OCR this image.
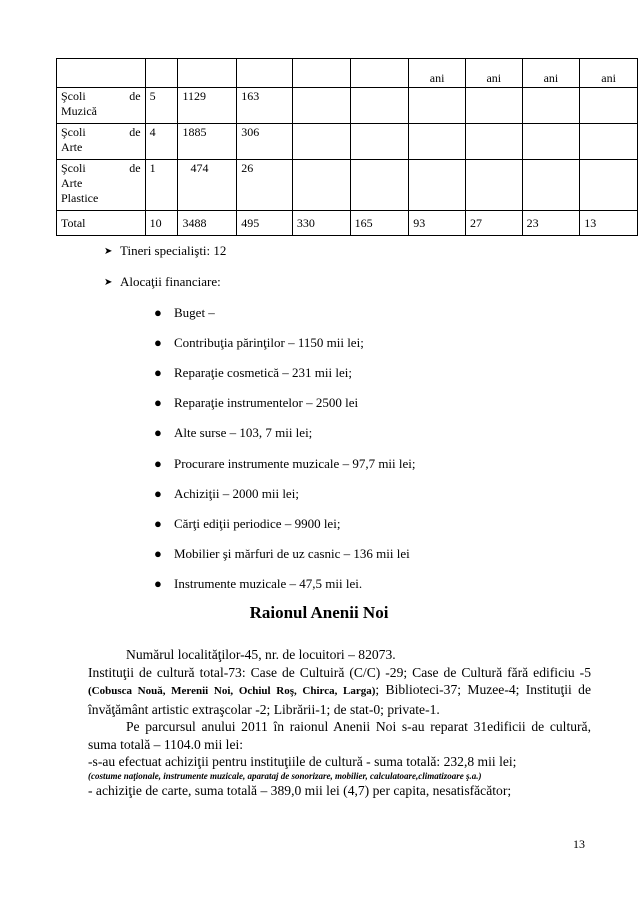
						ani	ani	ani	ani

Şcoli de
Muzică	5	1129	163						

Şcoli de
Arte	4	1885	306						

Şcoli de
Arte
Plastice	1	474	26						
Total	10	3488	495	330	165	93	27	23	13
➤ Tineri specialişti: 12
➤ Alocaţii financiare:
● Buget –
● Contribuţia părinţilor – 1150 mii lei;
● Reparaţie cosmetică – 231 mii lei;
● Reparaţie instrumentelor – 2500 lei
● Alte surse – 103, 7 mii lei;
● Procurare instrumente muzicale – 97,7 mii lei;
● Achiziţii – 2000 mii lei;
● Cărţi ediţii periodice – 9900 lei;
● Mobilier şi mărfuri de uz casnic – 136 mii lei
● Instrumente muzicale – 47,5 mii lei.
Raionul Anenii Noi

Numărul localităţilor-45, nr. de locuitori – 82073.

Instituţii de cultură total-73: Case de Cultuiră (C/C) -29; Case de Cultură fără edificiu -5 (Cobusca Nouă, Merenii Noi, Ochiul Roş, Chirca, Larga); Biblioteci-37; Muzee-4; Instituţii de învăţământ artistic extraşcolar -2; Librării-1; de stat-0; private-1.

Pe parcursul anului 2011 în raionul Anenii Noi s-au reparat 31edificii de cultură, suma totală – 1104.0 mii lei:

-s-au efectuat achiziţii pentru instituţiile de cultură - suma totală: 232,8 mii lei;

(costume naţionale, instrumente muzicale, aparataj de sonorizare, mobilier, calculatoare,climatizoare ş.a.)

- achiziţie de carte, suma totală – 389,0 mii lei (4,7) per capita, nesatisfăcător;

13
